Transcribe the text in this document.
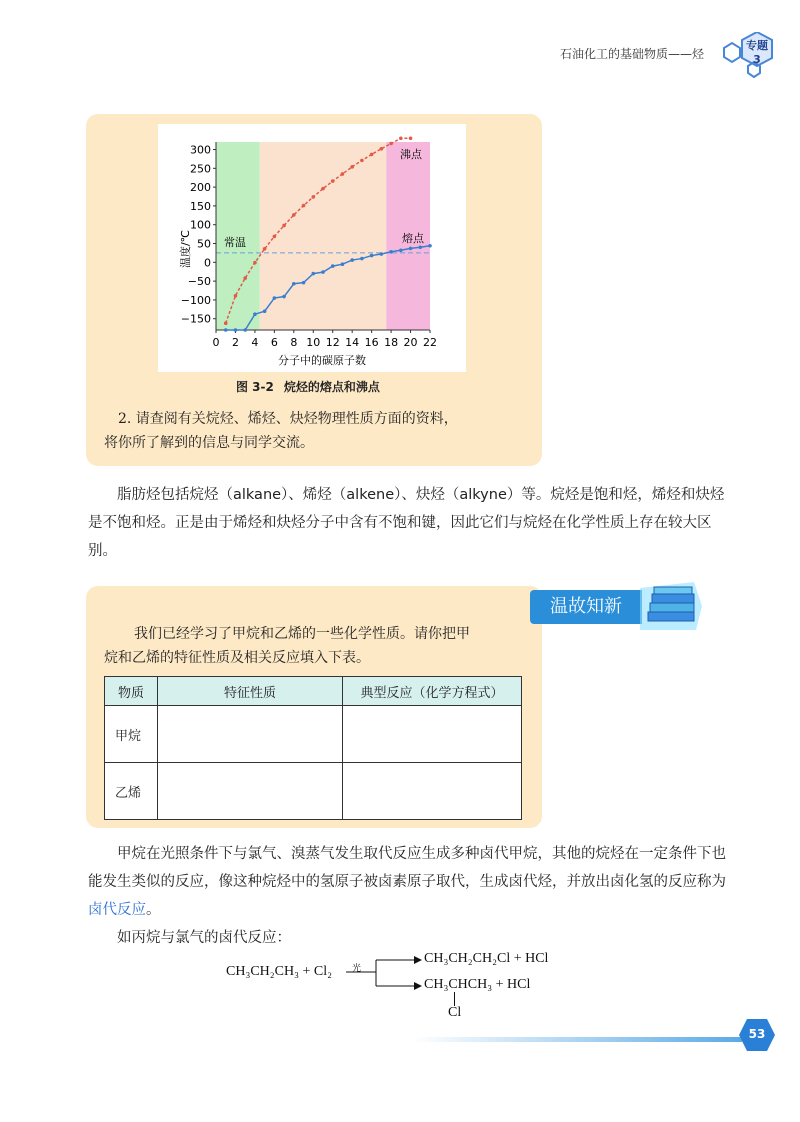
石油化工的基础物质——烃
专题
3
300
250
200
150
100
50
0
−50
−100
−150
0 2 4 6 8 10 12 14 16 18 20 22
常温
沸点
熔点
温度/℃
分子中的碳原子数
图 3-2 烷烃的熔点和沸点
2. 请查阅有关烷烃、烯烃、炔烃物理性质方面的资料，
将你所了解到的信息与同学交流。
脂肪烃包括烷烃（alkane）、烯烃（alkene）、炔烃（alkyne）等。烷烃是饱和烃，烯烃和炔烃是不饱和烃。正是由于烯烃和炔烃分子中含有不饱和键，因此它们与烷烃在化学性质上存在较大区别。
温故知新
我们已经学习了甲烷和乙烯的一些化学性质。请你把甲
烷和乙烯的特征性质及相关反应填入下表。
物质	特征性质	典型反应（化学方程式）
甲烷		
乙烯		
甲烷在光照条件下与氯气、溴蒸气发生取代反应生成多种卤代甲烷，其他的烷烃在一定条件下也能发生类似的反应，像这种烷烃中的氢原子被卤素原子取代，生成卤代烃，并放出卤化氢的反应称为卤代反应。
如丙烷与氯气的卤代反应：
CH₃CH₂CH₃ + Cl₂ 光
CH₃CH₂CH₂Cl + HCl
CH₃CHCH₃ + HCl
Cl
53
